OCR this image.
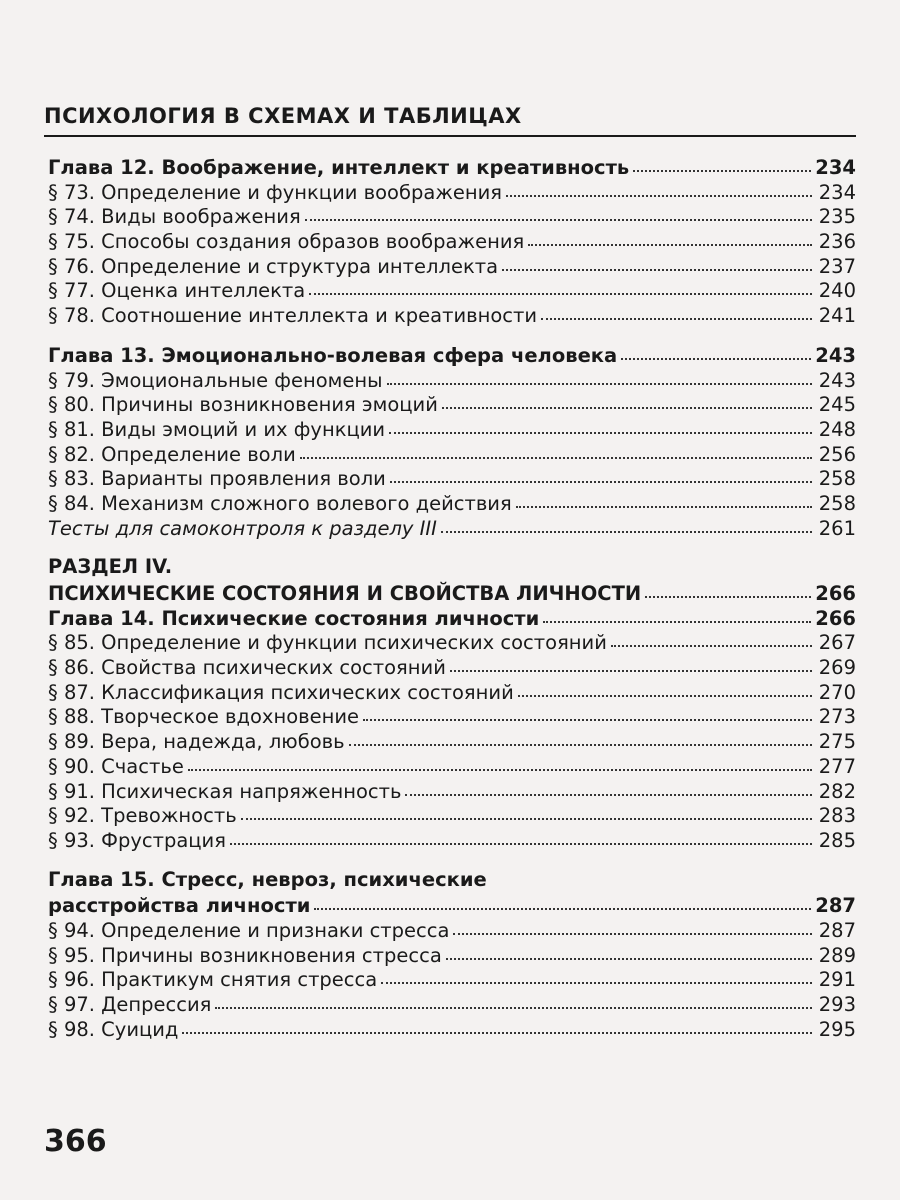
ПСИХОЛОГИЯ В СХЕМАХ И ТАБЛИЦАХ
Глава 12. Воображение, интеллект и креативность	234
§ 73. Определение и функции воображения	234
§ 74. Виды воображения	235
§ 75. Способы создания образов воображения	236
§ 76. Определение и структура интеллекта	237
§ 77. Оценка интеллекта	240
§ 78. Соотношение интеллекта и креативности	241
Глава 13. Эмоционально-волевая сфера человека	243
§ 79. Эмоциональные феномены	243
§ 80. Причины возникновения эмоций	245
§ 81. Виды эмоций и их функции	248
§ 82. Определение воли	256
§ 83. Варианты проявления воли	258
§ 84. Механизм сложного волевого действия	258
Тесты для самоконтроля к разделу III	261
РАЗДЕЛ IV.
ПСИХИЧЕСКИЕ СОСТОЯНИЯ И СВОЙСТВА ЛИЧНОСТИ	266
Глава 14. Психические состояния личности	266
§ 85. Определение и функции психических состояний	267
§ 86. Свойства психических состояний	269
§ 87. Классификация психических состояний	270
§ 88. Творческое вдохновение	273
§ 89. Вера, надежда, любовь	275
§ 90. Счастье	277
§ 91. Психическая напряженность	282
§ 92. Тревожность	283
§ 93. Фрустрация	285
Глава 15. Стресс, невроз, психические
расстройства личности	287
§ 94. Определение и признаки стресса	287
§ 95. Причины возникновения стресса	289
§ 96. Практикум снятия стресса	291
§ 97. Депрессия	293
§ 98. Суицид	295
366
